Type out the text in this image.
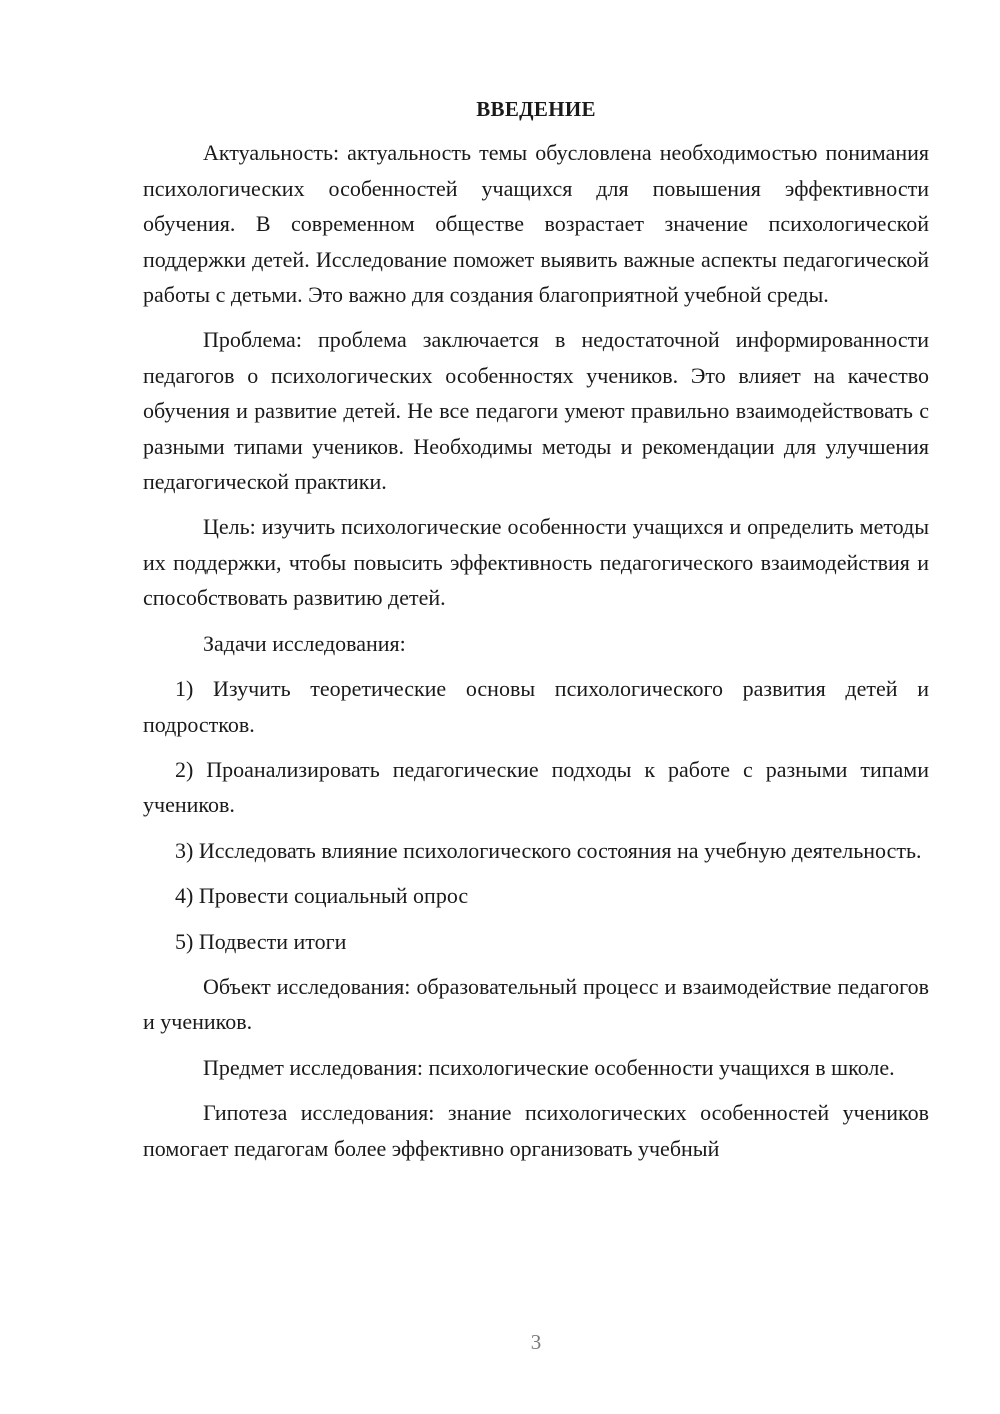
ВВЕДЕНИЕ

Актуальность: актуальность темы обусловлена необходимостью понимания психологических особенностей учащихся для повышения эффективности обучения. В современном обществе возрастает значение психологической поддержки детей. Исследование поможет выявить важные аспекты педагогической работы с детьми. Это важно для создания благоприятной учебной среды.

Проблема: проблема заключается в недостаточной информированности педагогов о психологических особенностях учеников. Это влияет на качество обучения и развитие детей. Не все педагоги умеют правильно взаимодействовать с разными типами учеников. Необходимы методы и рекомендации для улучшения педагогической практики.

Цель: изучить психологические особенности учащихся и определить методы их поддержки, чтобы повысить эффективность педагогического взаимодействия и способствовать развитию детей.

Задачи исследования:

1) Изучить теоретические основы психологического развития детей и подростков.

2) Проанализировать педагогические подходы к работе с разными типами учеников.

3) Исследовать влияние психологического состояния на учебную деятельность.

4) Провести социальный опрос

5) Подвести итоги

Объект исследования: образовательный процесс и взаимодействие педагогов и учеников.

Предмет исследования: психологические особенности учащихся в школе.

Гипотеза исследования: знание психологических особенностей учеников помогает педагогам более эффективно организовать учебный

3
